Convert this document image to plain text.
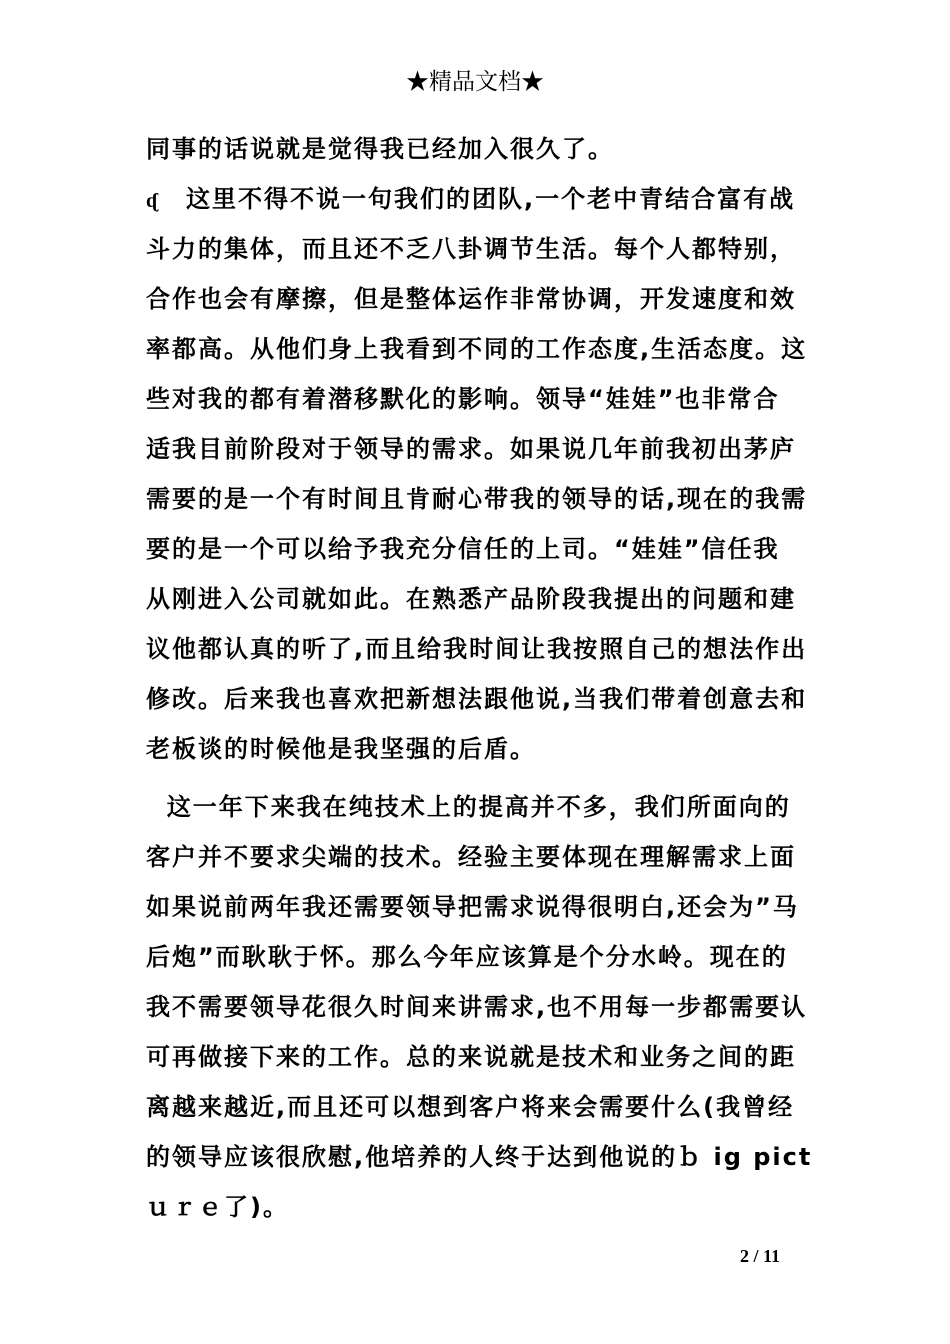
★精品文档★
同事的话说就是觉得我已经加入很久了。
ᶑ 这里不得不说一句我们的团队,一个老中青结合富有战
斗力的集体，而且还不乏八卦调节生活。每个人都特别，
合作也会有摩擦，但是整体运作非常协调，开发速度和效
率都高。从他们身上我看到不同的工作态度,生活态度。这
些对我的都有着潜移默化的影响。领导“娃娃”也非常合
适我目前阶段对于领导的需求。如果说几年前我初出茅庐
需要的是一个有时间且肯耐心带我的领导的话,现在的我需
要的是一个可以给予我充分信任的上司。“娃娃”信任我
从刚进入公司就如此。在熟悉产品阶段我提出的问题和建
议他都认真的听了,而且给我时间让我按照自己的想法作出
修改。后来我也喜欢把新想法跟他说,当我们带着创意去和
老板谈的时候他是我坚强的后盾。
这一年下来我在纯技术上的提高并不多，我们所面向的
客户并不要求尖端的技术。经验主要体现在理解需求上面
如果说前两年我还需要领导把需求说得很明白,还会为”马
后炮”而耿耿于怀。那么今年应该算是个分水岭。现在的
我不需要领导花很久时间来讲需求,也不用每一步都需要认
可再做接下来的工作。总的来说就是技术和业务之间的距
离越来越近,而且还可以想到客户将来会需要什么(我曾经
的领导应该很欣慰,他培养的人终于达到他说的ｂ ig pict
ｕｒｅ了)。
2 / 11
